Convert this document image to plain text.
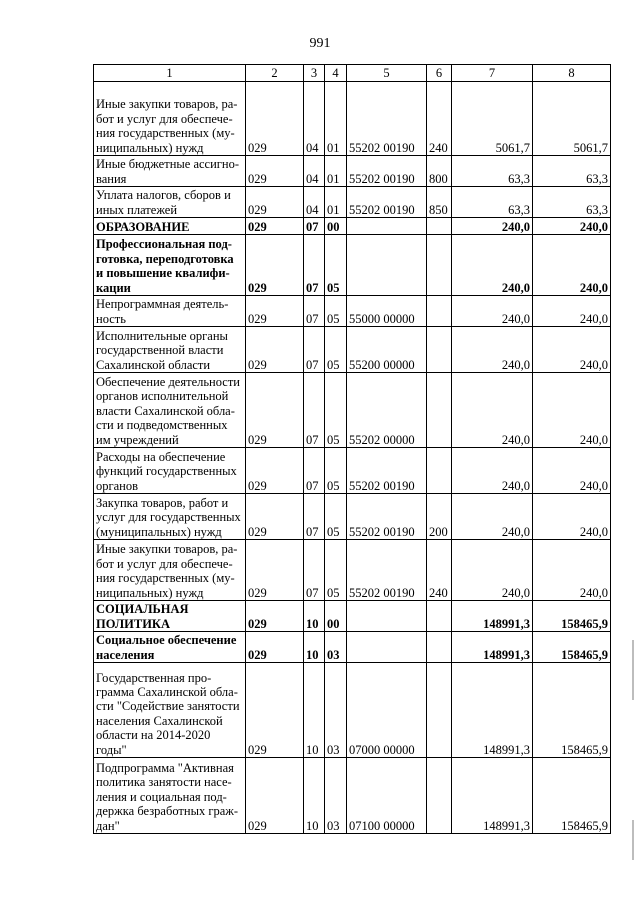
991
1	2	3	4	5	6	7	8
Иные закупки товаров, ра-бот и услуг для обеспече-ния государственных (му-ниципальных) нужд	029	04	01	55202 00190	240	5061,7	5061,7
Иные бюджетные ассигно-вания	029	04	01	55202 00190	800	63,3	63,3
Уплата налогов, сборов и иных платежей	029	04	01	55202 00190	850	63,3	63,3
ОБРАЗОВАНИЕ	029	07	00			240,0	240,0
Профессиональная под-готовка, переподготовка и повышение квалифи-кации	029	07	05			240,0	240,0
Непрограммная деятель-ность	029	07	05	55000 00000		240,0	240,0
Исполнительные органы государственной власти Сахалинской области	029	07	05	55200 00000		240,0	240,0
Обеспечение деятельности органов исполнительной власти Сахалинской обла-сти и подведомственных им учреждений	029	07	05	55202 00000		240,0	240,0
Расходы на обеспечение функций государственных органов	029	07	05	55202 00190		240,0	240,0
Закупка товаров, работ и услуг для государственных (муниципальных) нужд	029	07	05	55202 00190	200	240,0	240,0
Иные закупки товаров, ра-бот и услуг для обеспече-ния государственных (му-ниципальных) нужд	029	07	05	55202 00190	240	240,0	240,0
СОЦИАЛЬНАЯ ПОЛИТИКА	029	10	00			148991,3	158465,9
Социальное обеспечение населения	029	10	03			148991,3	158465,9
Государственная про-грамма Сахалинской обла-сти "Содействие занятости населения Сахалинской области на 2014-2020 годы"	029	10	03	07000 00000		148991,3	158465,9
Подпрограмма "Активная политика занятости насе-ления и социальная под-держка безработных граж-дан"	029	10	03	07100 00000		148991,3	158465,9
